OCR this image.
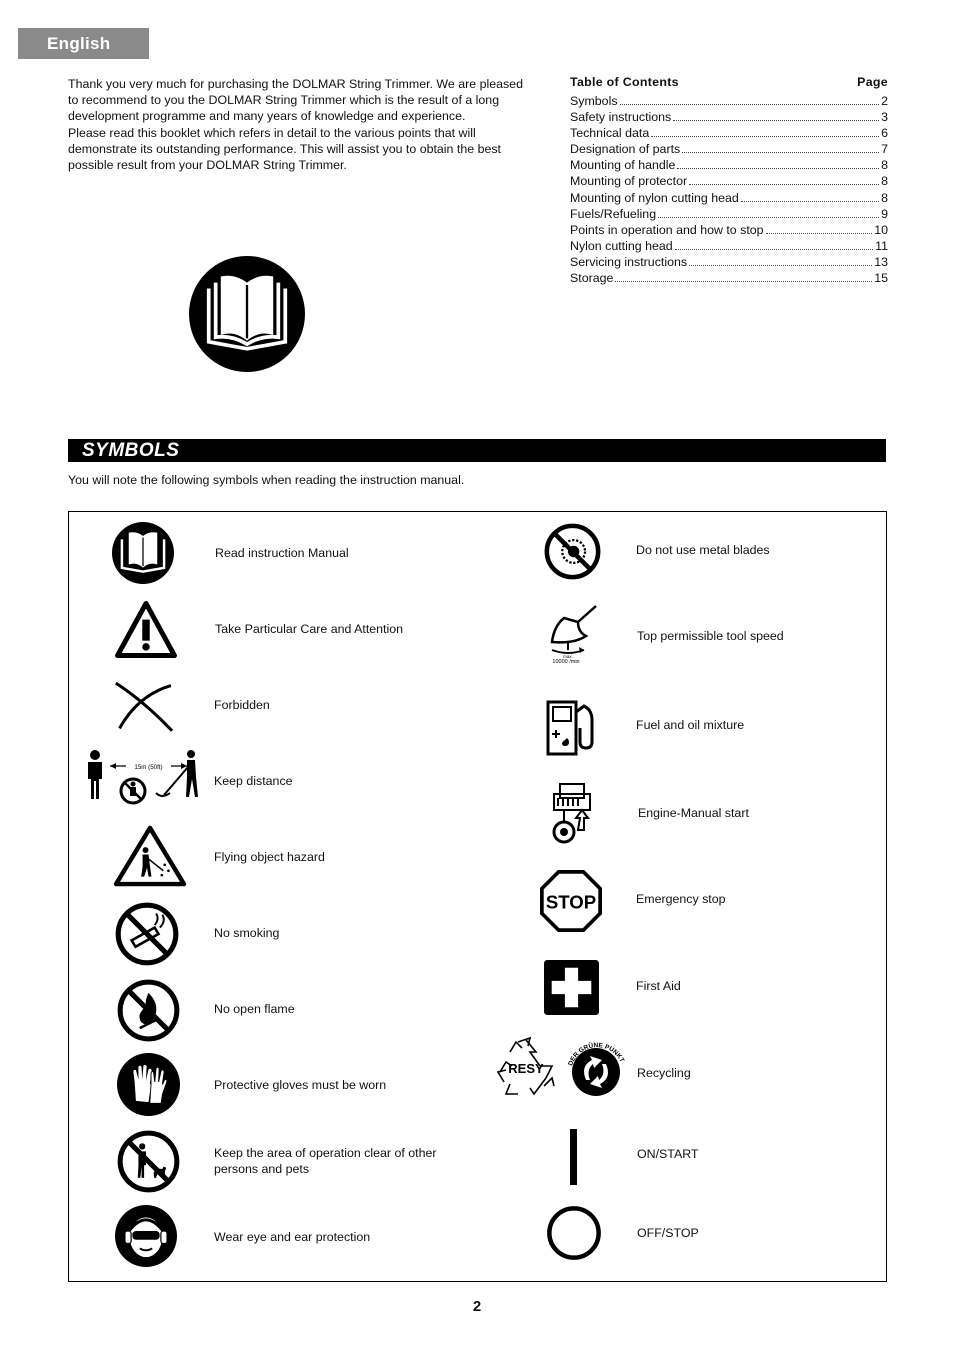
English

Thank you very much for purchasing the DOLMAR String Trimmer. We are pleased to recommend to you the DOLMAR String Trimmer which is the result of a long development programme and many years of knowledge and experience.

Please read this booklet which refers in detail to the various points that will demonstrate its outstanding performance. This will assist you to obtain the best possible result from your DOLMAR String Trimmer.

Table of Contents	Page
Symbols	2
Safety instructions	3
Technical data	6
Designation of parts	7
Mounting of handle	8
Mounting of protector	8
Mounting of nylon cutting head	8
Fuels/Refueling	9
Points in operation and how to stop	10
Nylon cutting head	11
Servicing instructions	13
Storage	15
SYMBOLS
You will note the following symbols when reading the instruction manual.
Read instruction Manual
Take Particular Care and Attention
Forbidden
15m (50ft)
Keep distance
Flying object hazard
No smoking
No open flame
Protective gloves must be worn
Keep the area of operation clear of other persons and pets
Wear eye and ear protection
Do not use metal blades
max.
10000 /min
Top permissible tool speed
Fuel and oil mixture
Engine-Manual start
STOP	Emergency stop
First Aid
RESY	DER GRÜNE PUNKT
Recycling
ON/START
OFF/STOP
2
